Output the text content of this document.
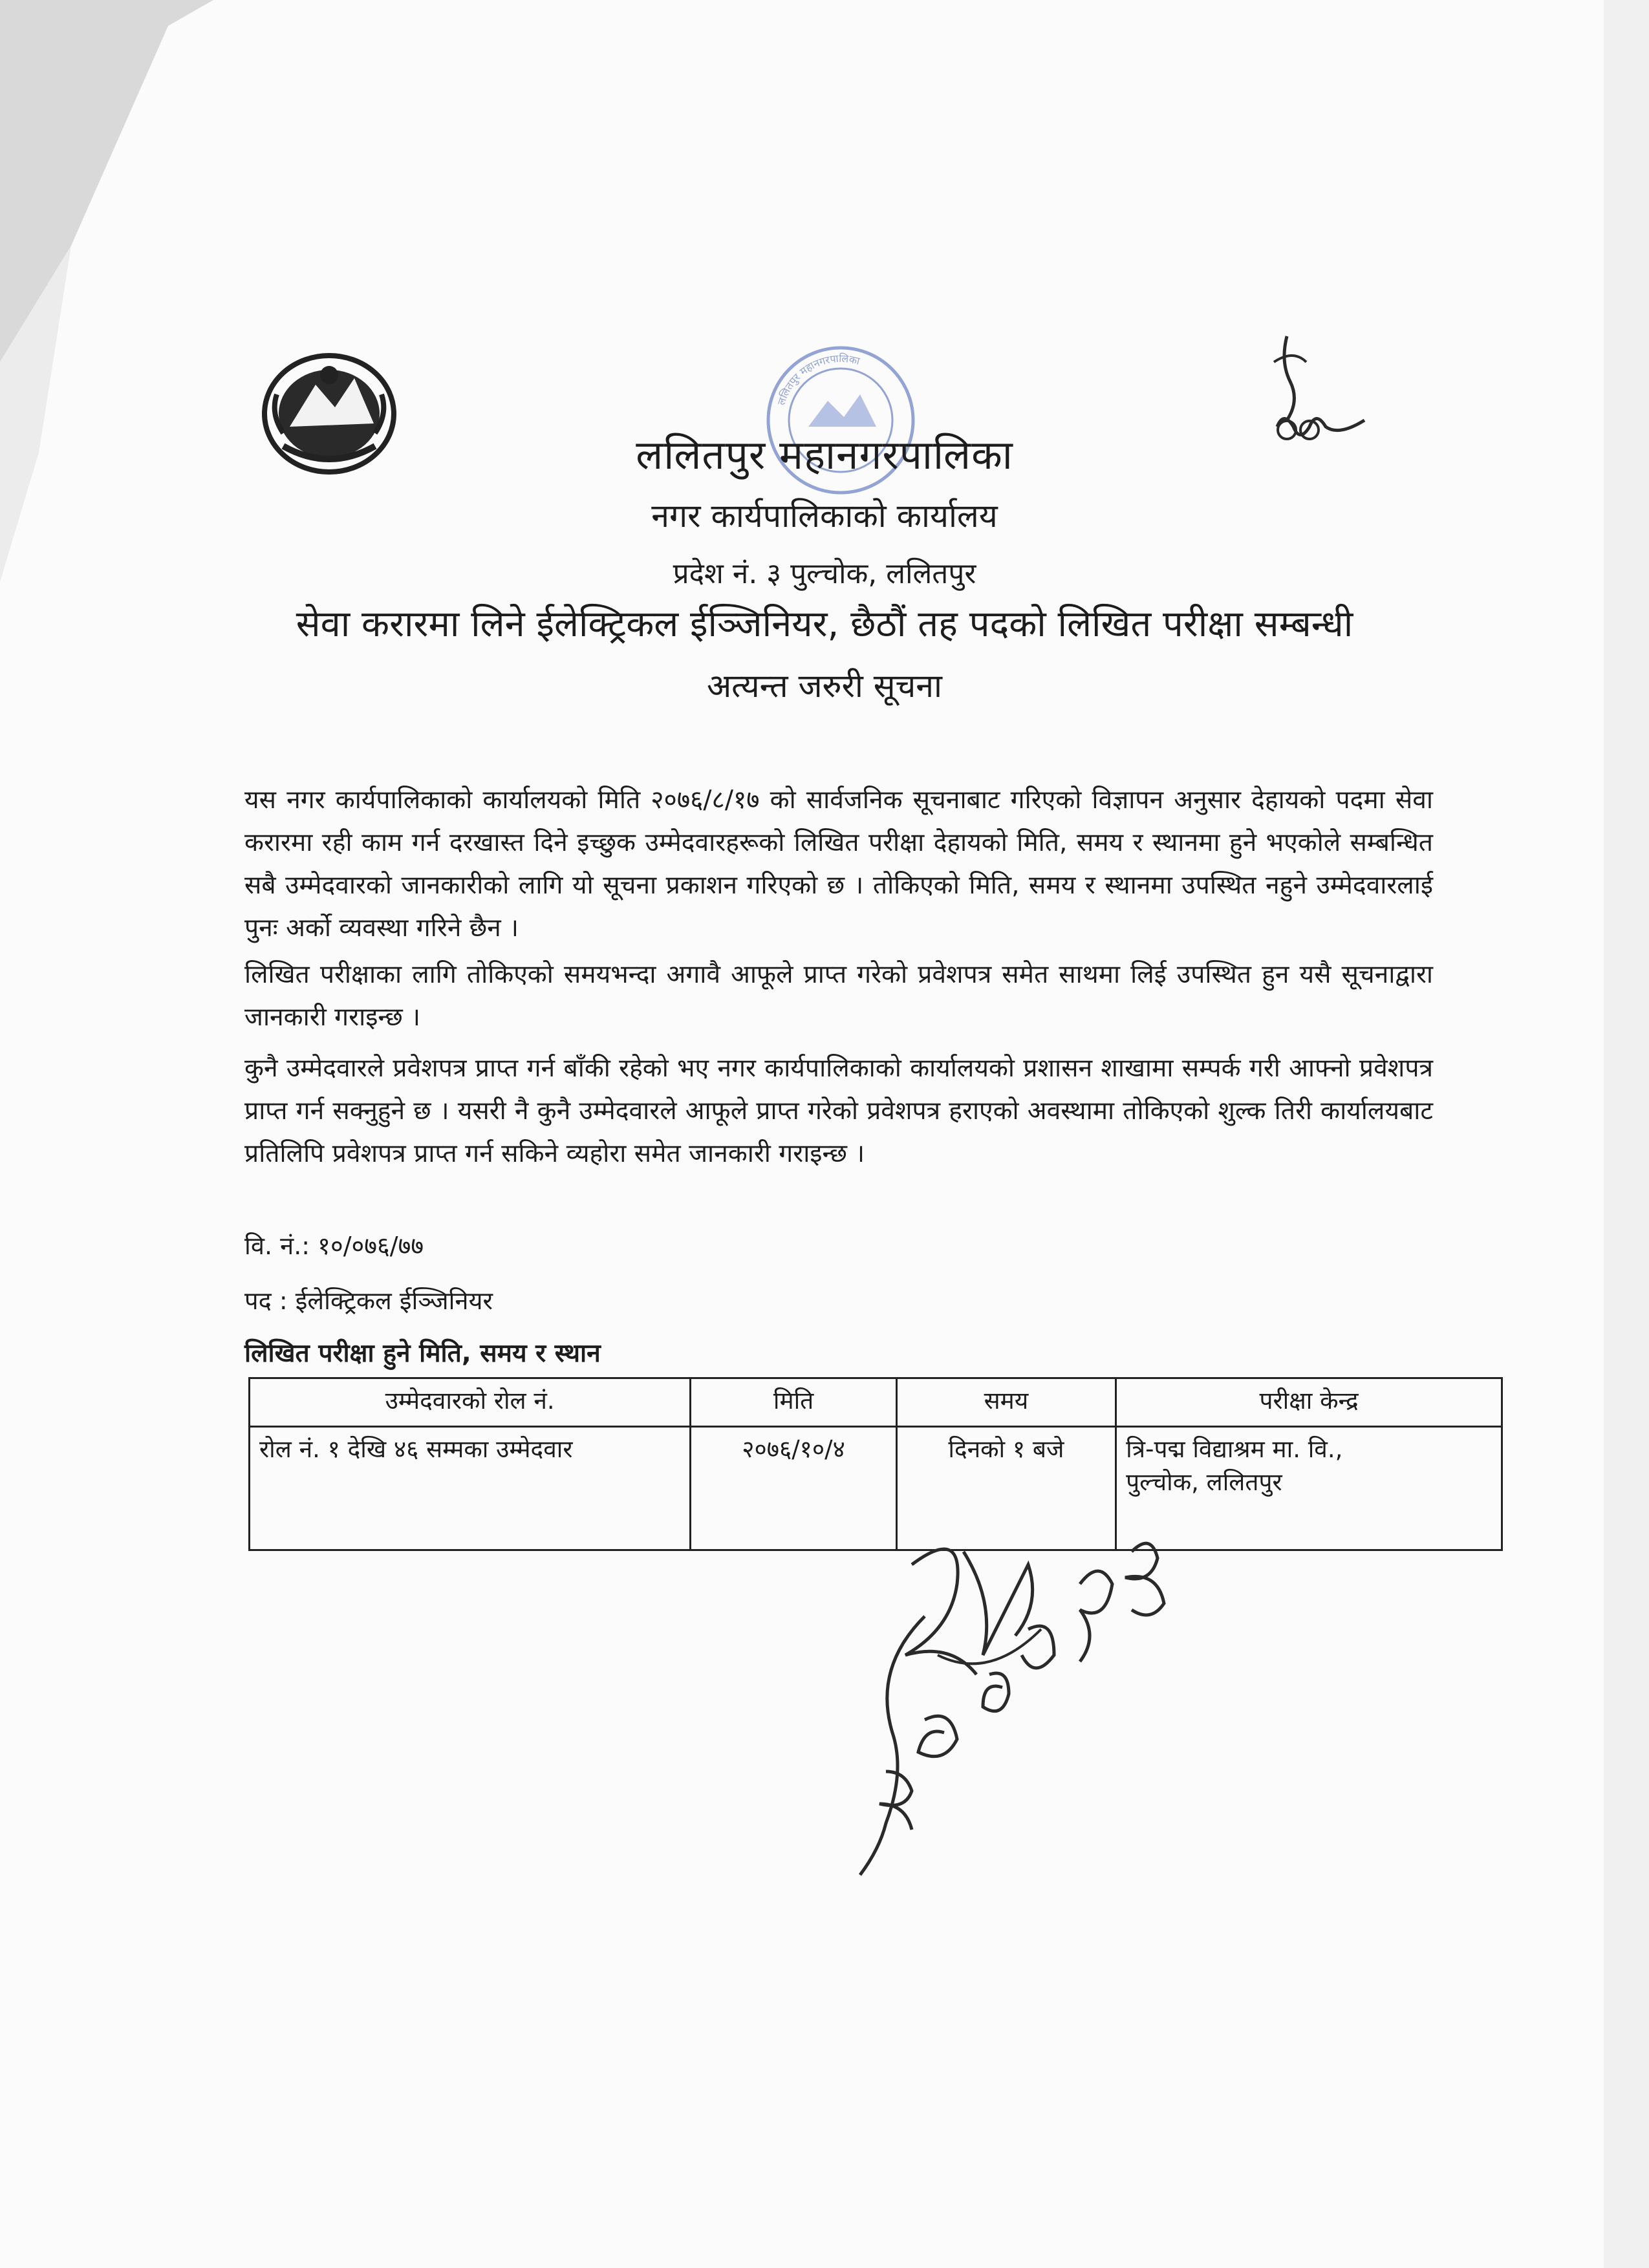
ललितपुर महानगरपालिका
ललितपुर महानगरपालिका
नगर कार्यपालिकाको कार्यालय
प्रदेश नं. ३ पुल्चोक, ललितपुर
सेवा करारमा लिने ईलेक्ट्रिकल ईञ्जिनियर, छैठौं तह पदको लिखित परीक्षा सम्बन्धी
अत्यन्त जरुरी सूचना
यस नगर कार्यपालिकाको कार्यालयको मिति २०७६/८/१७ को सार्वजनिक सूचनाबाट गरिएको विज्ञापन अनुसार देहायको पदमा सेवा करारमा रही काम गर्न दरखास्त दिने इच्छुक उम्मेदवारहरूको लिखित परीक्षा देहायको मिति, समय र स्थानमा हुने भएकोले सम्बन्धित सबै उम्मेदवारको जानकारीको लागि यो सूचना प्रकाशन गरिएको छ । तोकिएको मिति, समय र स्थानमा उपस्थित नहुने उम्मेदवारलाई पुनः अर्को व्यवस्था गरिने छैन ।
लिखित परीक्षाका लागि तोकिएको समयभन्दा अगावै आफूले प्राप्त गरेको प्रवेशपत्र समेत साथमा लिई उपस्थित हुन यसै सूचनाद्वारा जानकारी गराइन्छ ।
कुनै उम्मेदवारले प्रवेशपत्र प्राप्त गर्न बाँकी रहेको भए नगर कार्यपालिकाको कार्यालयको प्रशासन शाखामा सम्पर्क गरी आफ्नो प्रवेशपत्र प्राप्त गर्न सक्नुहुने छ । यसरी नै कुनै उम्मेदवारले आफूले प्राप्त गरेको प्रवेशपत्र हराएको अवस्थामा तोकिएको शुल्क तिरी कार्यालयबाट प्रतिलिपि प्रवेशपत्र प्राप्त गर्न सकिने व्यहोरा समेत जानकारी गराइन्छ ।
वि. नं.: १०/०७६/७७
पद : ईलेक्ट्रिकल ईञ्जिनियर
लिखित परीक्षा हुने मिति, समय र स्थान
उम्मेदवारको रोल नं.	मिति	समय	परीक्षा केन्द्र
रोल नं. १ देखि ४६ सम्मका उम्मेदवार	२०७६/१०/४	दिनको १ बजे	त्रि-पद्म विद्याश्रम मा. वि.,
पुल्चोक, ललितपुर
